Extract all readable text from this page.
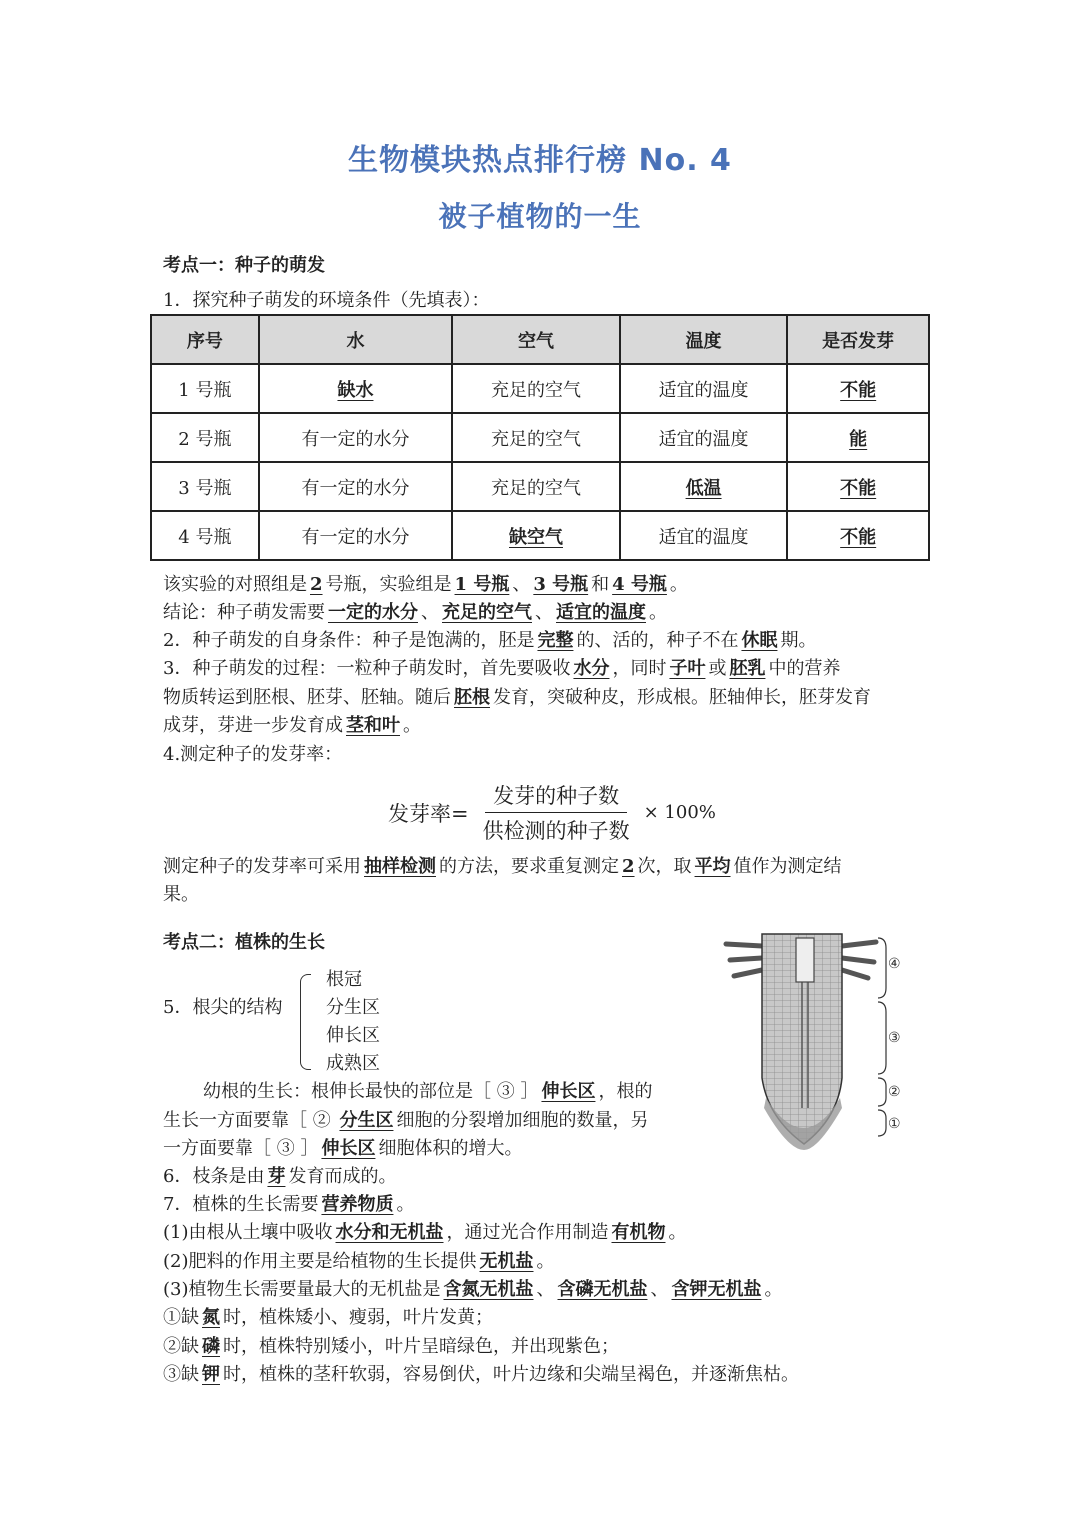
生物模块热点排行榜 No. 4
被子植物的一生
考点一：种子的萌发
1．探究种子萌发的环境条件（先填表）：
序号	水	空气	温度	是否发芽
1 号瓶	缺水	充足的空气	适宜的温度	不能
2 号瓶	有一定的水分	充足的空气	适宜的温度	能
3 号瓶	有一定的水分	充足的空气	低温	不能
4 号瓶	有一定的水分	缺空气	适宜的温度	不能
该实验的对照组是 2 号瓶，实验组是 1 号瓶 、 3 号瓶 和 4 号瓶 。
结论：种子萌发需要 一定的水分 、 充足的空气 、 适宜的温度 。
2．种子萌发的自身条件：种子是饱满的，胚是 完整 的、活的，种子不在 休眠 期。
3．种子萌发的过程：一粒种子萌发时，首先要吸收 水分 ，同时 子叶 或 胚乳 中的营养
物质转运到胚根、胚芽、胚轴。随后 胚根 发育，突破种皮，形成根。胚轴伸长，胚芽发育
成芽，芽进一步发育成 茎和叶 。
4.测定种子的发芽率：
发芽率= $\frac{\text{发芽的种子数}}{\text{供检测的种子数}} \times 100\%$
测定种子的发芽率可采用 抽样检测 的方法，要求重复测定 2 次，取 平均 值作为测定结
果。
考点二：植株的生长
5．根尖的结构
根冠
分生区
伸长区
成熟区
④
③
②
①
幼根的生长：根伸长最快的部位是［ ③ ］ 伸长区 ，根的
生长一方面要靠［ ② 分生区 细胞的分裂增加细胞的数量，另
一方面要靠［ ③ ］ 伸长区 细胞体积的增大。
6．枝条是由 芽 发育而成的。
7．植株的生长需要 营养物质 。
(1)由根从土壤中吸收 水分和无机盐 ，通过光合作用制造 有机物 。
(2)肥料的作用主要是给植物的生长提供 无机盐 。
(3)植物生长需要量最大的无机盐是 含氮无机盐 、 含磷无机盐 、 含钾无机盐 。
①缺 氮 时，植株矮小、瘦弱，叶片发黄；
②缺 磷 时，植株特别矮小，叶片呈暗绿色，并出现紫色；
③缺 钾 时，植株的茎秆软弱，容易倒伏，叶片边缘和尖端呈褐色，并逐渐焦枯。
